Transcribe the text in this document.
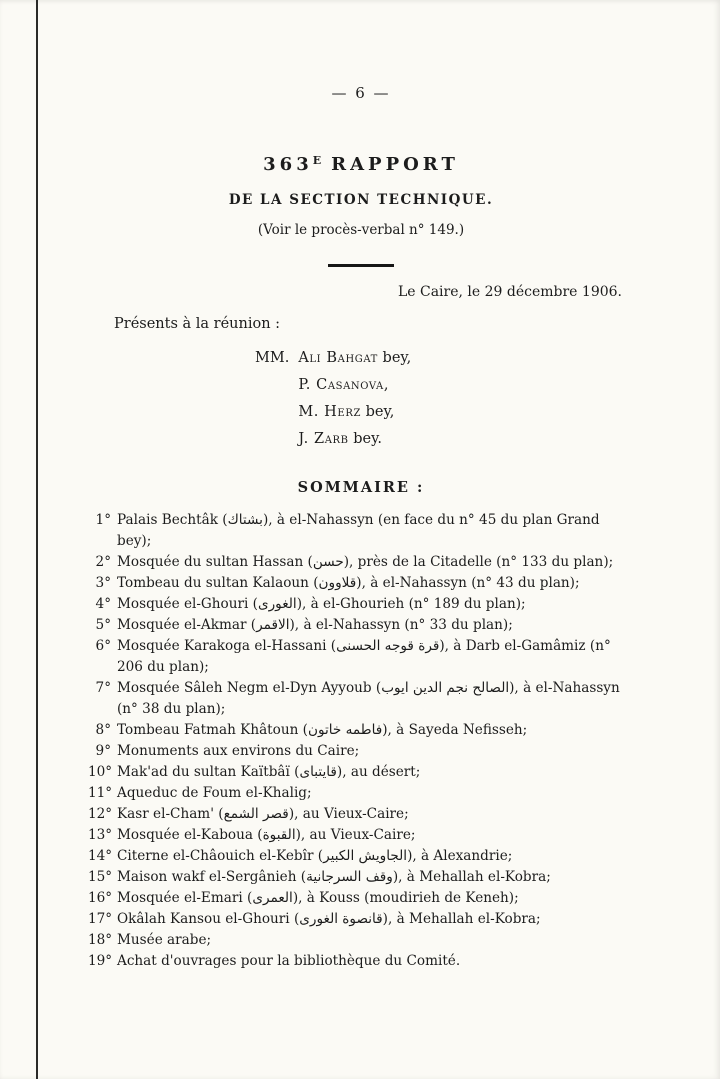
— 6 —
$363^E$ RAPPORT
DE LA SECTION TECHNIQUE.
(Voir le procès-verbal n° 149.)
Le Caire, le 29 décembre 1906.
Présents à la réunion :
MM. Ali Bahgat bey,
P. Casanova,
M. Herz bey,
J. Zarb bey.
SOMMAIRE :
1° Palais Bechtâk (بشتاك), à el-Nahassyn (en face du n° 45 du plan Grand bey);
2° Mosquée du sultan Hassan (حسن), près de la Citadelle (n° 133 du plan);
3° Tombeau du sultan Kalaoun (قلاوون), à el-Nahassyn (n° 43 du plan);
4° Mosquée el-Ghouri (الغورى), à el-Ghourieh (n° 189 du plan);
5° Mosquée el-Akmar (الاقمر), à el-Nahassyn (n° 33 du plan);
6° Mosquée Karakoga el-Hassani (قرة قوجه الحسنى), à Darb el-Gamâmiz (n° 206 du plan);
7° Mosquée Sâleh Negm el-Dyn Ayyoub (الصالح نجم الدين ايوب), à el-Nahassyn (n° 38 du plan);
8° Tombeau Fatmah Khâtoun (فاطمه خاتون), à Sayeda Nefisseh;
9° Monuments aux environs du Caire;
10° Mak'ad du sultan Kaïtbâï (قايتباى), au désert;
11° Aqueduc de Foum el-Khalig;
12° Kasr el-Cham' (قصر الشمع), au Vieux-Caire;
13° Mosquée el-Kaboua (القبوة), au Vieux-Caire;
14° Citerne el-Châouich el-Kebîr (الجاويش الكبير), à Alexandrie;
15° Maison wakf el-Sergânieh (وقف السرجانية), à Mehallah el-Kobra;
16° Mosquée el-Emari (العمرى), à Kouss (moudirieh de Keneh);
17° Okâlah Kansou el-Ghouri (قانصوة الغورى), à Mehallah el-Kobra;
18° Musée arabe;
19° Achat d'ouvrages pour la bibliothèque du Comité.
